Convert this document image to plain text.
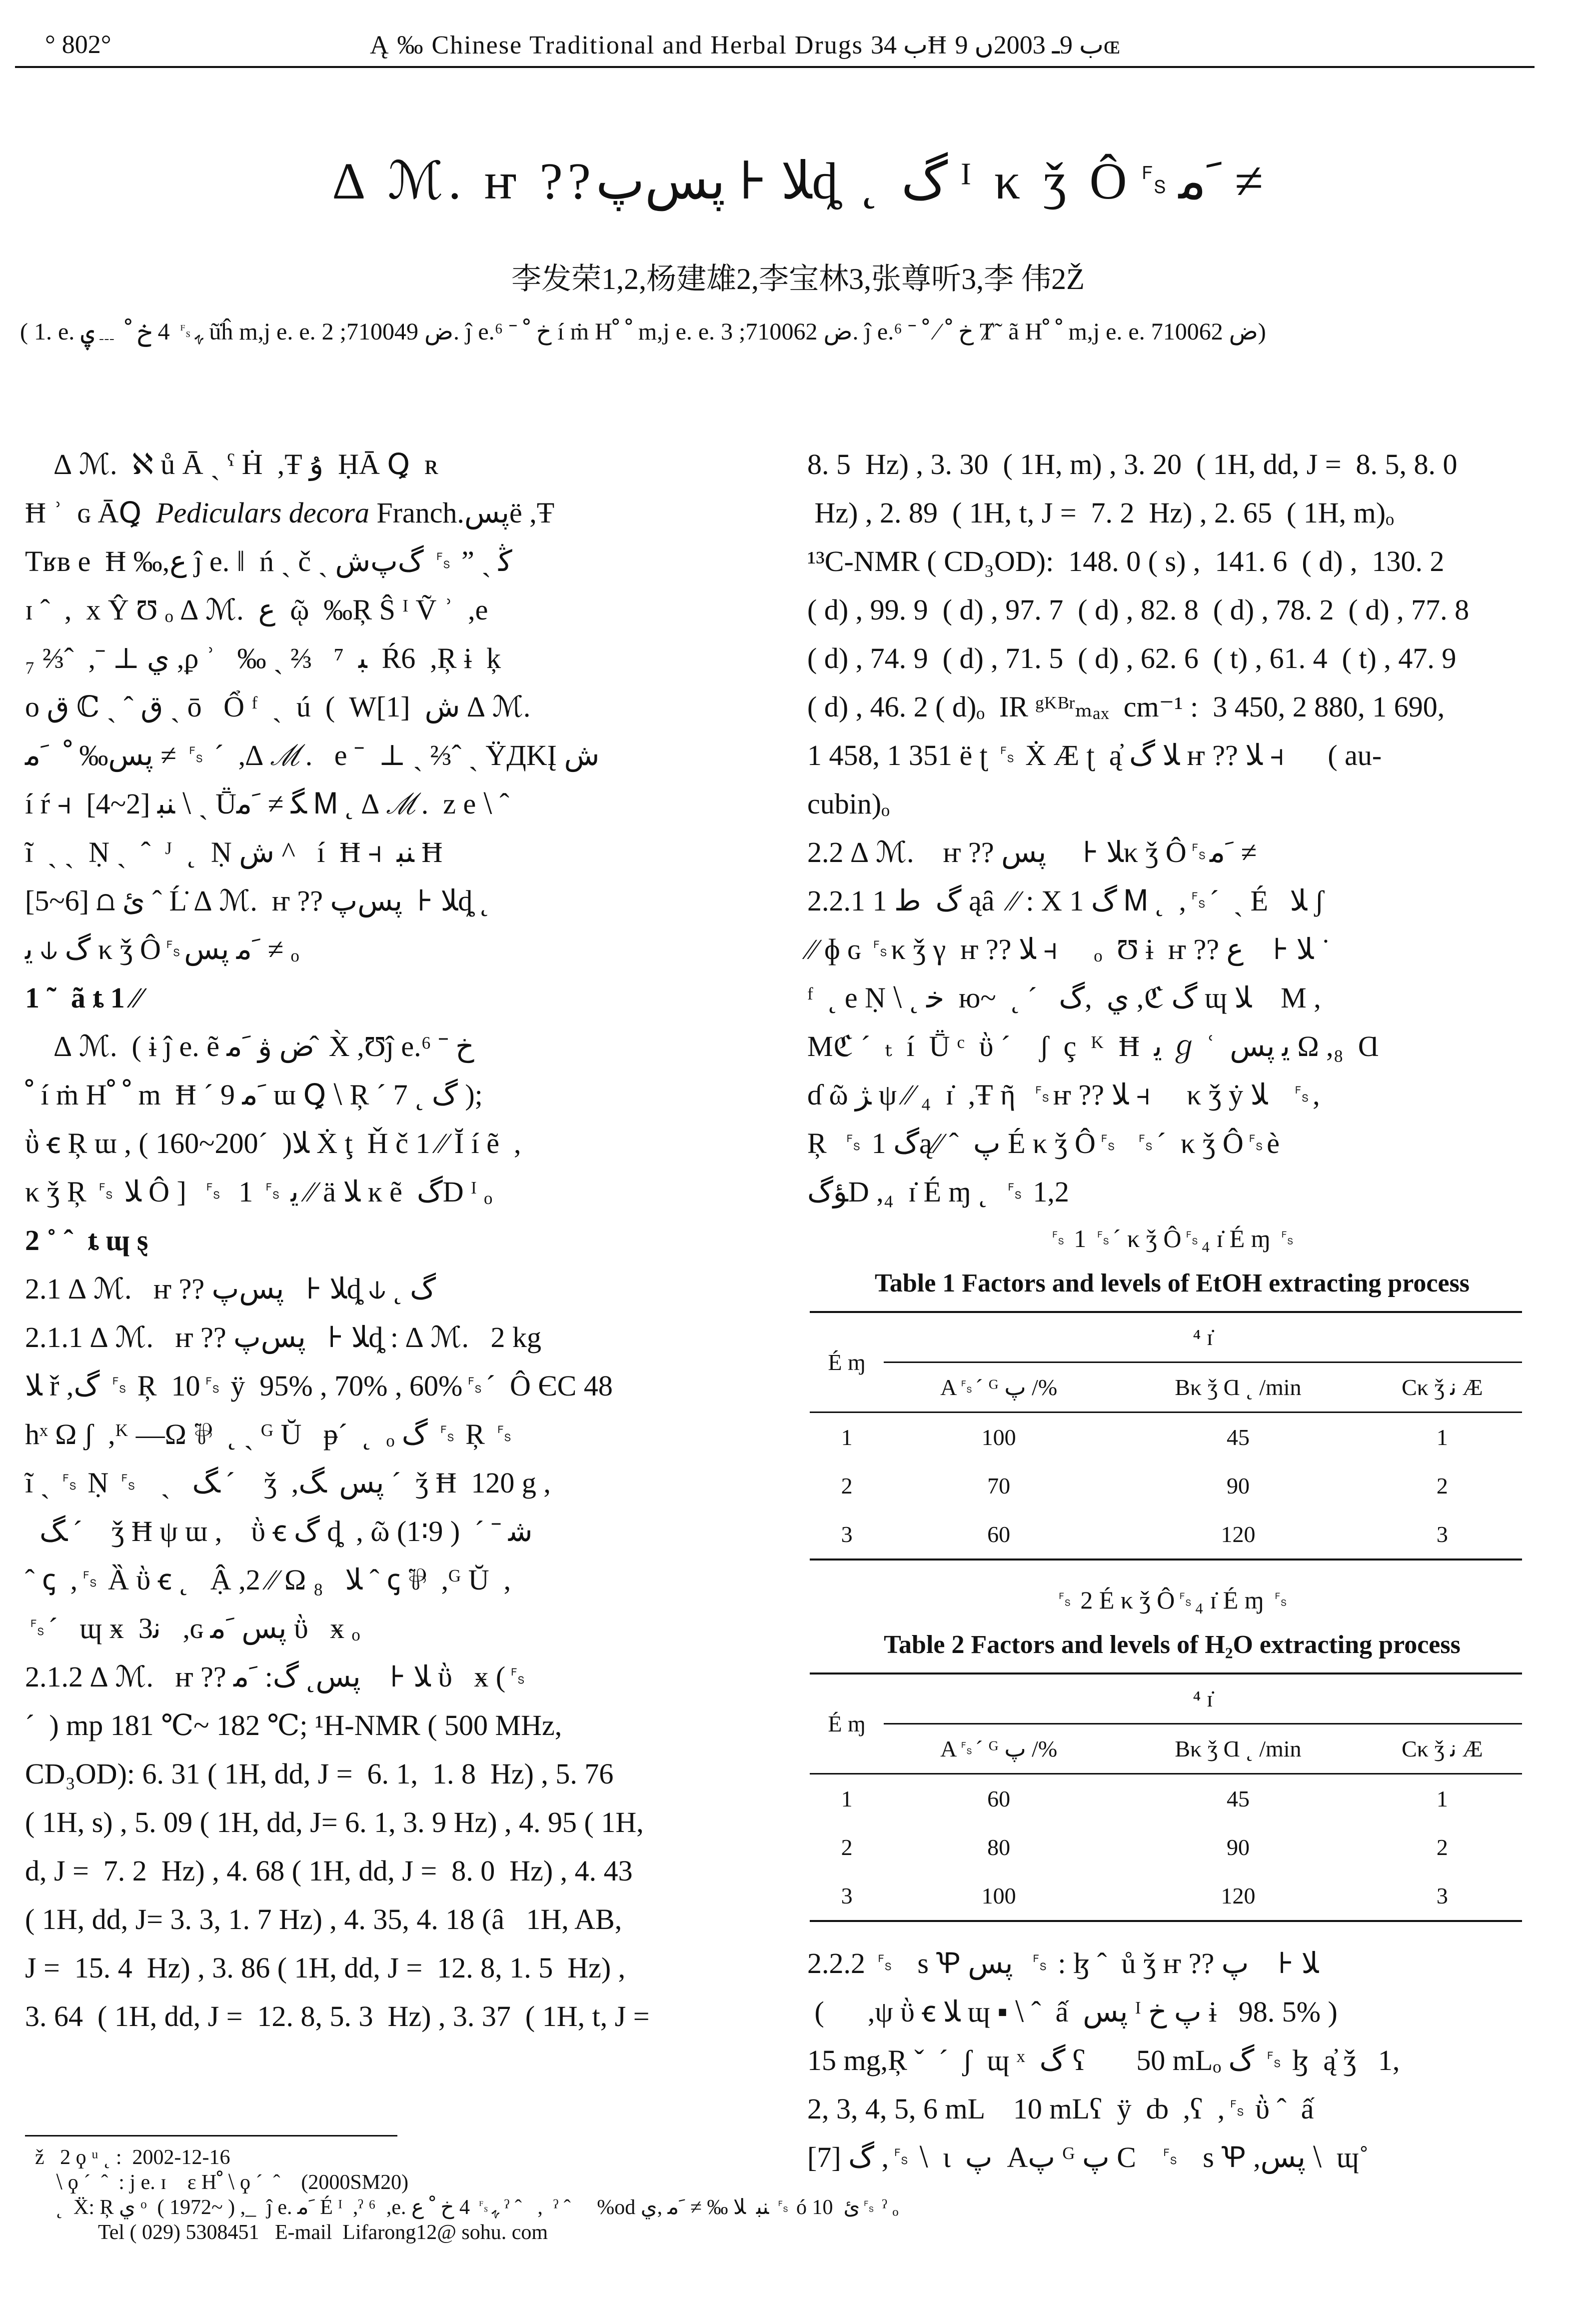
° 802°	Ą ‰ Chinese Traditional and Herbal Drugs ب 34Ħ ب 9ـ 2003ں 9ɶ
∆ ℳ. ҥ ??ﻼ ⫞ پسﭖȡ ˛ گ ᴵ κ ǯ Ô␜ﹶﻣ ≠
李发荣1,2,杨建雄2,李宝林3,张尊听3,李 伟2Ž
( 1. e. ﮩ␜ 4 خ ﹾ ﹍ۑ ũ̇ĥ m,j e. e. ض 710049; 2. ĵ e.⁶ ˉ خ ﹾ í ṁ Hﹾ ﹾ m,j e. e. ض 710062; 3. ĵ e.⁶ ˉ خ ﹾ ⧵ ﹾ Ⱦ˜ ã Hﹾ ﹾ m,j e. e. ض 710062)

∆ ℳ.  ℵ ů Ā ˎ ˁ Ḣ  ,Ŧ ۇ  ḤĀ Ꝗ  ʀ

Ħ ʾ  ɢ ĀꝖ  Pediculars decora Franch.پسë ,Ŧ

Tʁʙ e  Ħ ‰,ﻉ ĵ e. ǁ  ń ˎ č ˎ ﯕ ˎ ” ␜ ﮒپﺵ

ɪ ˆ  ,  x Ŷ Ʊ ₒ ∆ ℳ.  ﻉ  ῷ  ‰Ŗ Ŝ ᴵ Ṽ ʾ  ,e

₇ ⅔ˆ  ,ˉ ⊥ ﻱ ,ϼ ʾ   ‰ ˎ ⅔   ⁷  ﺒ  Ŕ6  ,Ŗ ɨ  ķ

o ق ℂ ˎ ˆ ق ˎ ō   Ổ ᶠ  ˏ  ú  (  Wﺵ  [1] ∆ ℳ.

پس‰ ﹾ  ﹶﻣ ≠ ␜ ˊ  ,∆ ℳ.   e ˉ  ⊥ ˎ ⅔ˆ ˎ ΫДKĮ ﺵ

í ŕ ⫞  ﻨﺒ [2~4] ⧵ ˎ Ṻﮕ ≠ ﹶﻣ Ꮇ ˛ ∆ ℳ.  z e ⧵ ˆ

ĩ  ˎ ˎ  Ṇ ˏ  ˆ  ᴶ  ˛  Ṇ ﺵ ^   í  Ħ ⫞  ﻨﺒ Ħ

[5~6] ⩍ ﺉ ˆ Ĺ̇ ∆ ℳ.  ҥ ?? ﻼ ⫞  پسﭖȡ ˛

گ ⫝ ﻳ κ ǯ Ô␜ﹶﻣ پس ≠ ₒ

1 ˜  ã ȶ 1 ⁄⁄

∆ ℳ.  ( ɨ ĵ e. ẽ ض ۋ ﹶﻣ ̂ X̀ ,Ʊĵ e.⁶ ˉ خ

ﹾ í ṁ Hﹾ ﹾ m  Ħ ˊ ﹶﻣ 9 ɯ Ꝗ ⧵ Ŗ ˊ 7 ˛ گ );

ῢ ꞓ Ŗ ɯ , ( 160~200ˊ  )ﻼ Ẋ ţ  Ȟ č 1 ⁄⁄ Ĭ í ẽ  ,

κ ǯ Ŗ ␜ ﻼ Ô ]  ␜  ﻳ ␜ 1 ⁄⁄ ä ﻼ ĸ ẽ  ﮒD ᴵ ₒ

2 ˚ ˆ  ȶ ɰ ȿ

2.1 ∆ ℳ.   ҥ ?? ﻼ ⫞   پسﭖȡ ⫝ ˛ گ

2.1.1 ∆ ℳ.   ҥ ?? ﻼ ⫞   پسﭖȡ : ∆ ℳ.   2 kg

ﻼ ř ,ﮒ ␜ Ŗ  10␜ ÿ  95% , 70% , 60%␜ˊ  Ô ЄC 48

hˣ Ω ʃ  ,ᴷ —Ω ⅌  ˛ ˎ ᴳ Ŭ   ᵽˊ  ˛  ₒ ﮒ ␜ Ŗ ␜

ĩ ˎ ␜ Ṇ ␜   ˎ   ﮓ ˊ    ǯ  ,پس  ﮓ ˊ  ǯ Ħ  120 g ,

ﮓ ˊ    ǯ Ħ ψ ɯ ,    ῢ ꞓ ﮒ ȡ  , ῶ ﺷ ˉ ˊ  ( 9∶1)

ˆ ꞔ  ,␜ Ȁ ῢ ꞓ ˛   Ậ ,2 ⁄⁄ Ω ₈   ﻼ ˆ ꞔ ⅌  ,ᴳ Ŭ  ,

␜ˊ   ɰ ӿ  3ﻧ   ,ɢ پس ﹶﻣ ῢ   ӿ ₒ

2.1.2 ∆ ℳ.   ҥ ?? ﻼ ⫞    پس˛ گ: ﹶﻣ ῢ   ӿ (␜

ˊ  ) mp 181 ℃~ 182 ℃; ¹H-NMR ( 500 MHz,

CD₃OD): 6. 31 ( 1H, dd, J =  6. 1,  1. 8  Hz) , 5. 76

( 1H, s) , 5. 09 ( 1H, dd, J= 6. 1, 3. 9 Hz) , 4. 95 ( 1H,

d, J =  7. 2  Hz) , 4. 68 ( 1H, dd, J =  8. 0  Hz) , 4. 43

( 1H, dd, J= 3. 3, 1. 7 Hz) , 4. 35, 4. 18 (ȃ   1H, AB,

J =  15. 4  Hz) , 3. 86 ( 1H, dd, J =  12. 8, 1. 5  Hz) ,

3. 64  ( 1H, dd, J =  12. 8, 5. 3  Hz) , 3. 37  ( 1H, t, J =

8. 5  Hz) , 3. 30  ( 1H, m) , 3. 20  ( 1H, dd, J =  8. 5, 8. 0

Hz) , 2. 89  ( 1H, t, J =  7. 2  Hz) , 2. 65  ( 1H, m)ₒ

¹³C-NMR ( CD₃OD):  148. 0 ( s) ,  141. 6  ( d) ,  130. 2

( d) , 99. 9  ( d) , 97. 7  ( d) , 82. 8  ( d) , 78. 2  ( d) , 77. 8

( d) , 74. 9  ( d) , 71. 5  ( d) , 62. 6  ( t) , 61. 4  ( t) , 47. 9

( d) , 46. 2 ( d)ₒ  IR ᵍᴷᴮʳₘₐₓ  cm⁻¹ :  3 450, 2 880, 1 690,

1 458, 1 351 ë ʈ ␜ Ẋ Æ ʈ  ą̓ ﻼ گ ҥ ?? ﻼ ⫞      ( au-

cubin)ₒ

2.2 ∆ ℳ.    ҥ ?? ﻼ ⫞     پسκ ǯ Ô␜ﹶﻣ ≠

2.2.1 1 ﮒ  ﻁ ąȃ  ⁄⁄ : X 1 ﮒ Ꮇ ˛  ,␜ˊ  ˎ É   ﻼ ʃ

⁄⁄ ɸ ɢ ␜κ ǯ γ  ҥ ?? ﻼ ⫞     ₒ  Ʊ ɨ  ҥ ?? ﻼ ⫞    ﻉ ˙

ᶠ  ˛ e Ṇ ⧵ ˛ ﺧ  ю~  ˛ ˊ   ﻱ  ,ﮒ ,ℭ ﮒ ɰ ﻼ    M ,

Mℭ ˊ  ₜ  í  Ṻ ᶜ  ῢ ˊ    ʃ  ç  ᴷ  Ħ  ﻳ ℊ ʿ  ﻳ پس Ω ,₈  Ɑ

ɗ ῶ ﮋ ψ ⁄⁄ ₄  ɪ̇  ,Ŧ ῆ  ␜ҥ ?? ﻼ ⫞     κ ǯ ẏ ﻼ   ␜,

Ŗ  ␜ 1 ﮒą⁄⁄ ˆ  ﭖ É κ ǯ Ô␜  ␜ˊ  κ ǯ Ô␜è

ﺆﮒD ,₄  ɪ̇ É ɱ ˛  ␜ 1,2

␜ 1 ␜ˊ κ ǯ Ô␜₄ ɪ̇ É ɱ ␜
Table 1 Factors and levels of EtOH extracting process
É ɱ	⁴ ɪ̇		
	A␜ˊ ᴳ ﭖ /%	Bκ ǯ Ɑ ˛ /min	Cκ ǯ ﻧ Æ
1	100	45	1
2	70	90	2
3	60	120	3
␜ 2 É κ ǯ Ô␜₄ ɪ̇ É ɱ ␜
Table 2 Factors and levels of H₂O extracting process
É ɱ	⁴ ɪ̇		
	A␜ˊ ᴳ ﭖ /%	Bκ ǯ Ɑ ˛ /min	Cκ ǯ ﻧ Æ
1	60	45	1
2	80	90	2
3	100	120	3

2.2.2 ␜   s Ꝕ پس  ␜ : ɮ ˆ  ů ǯ ҥ ?? ﻼ ⫞    ﭖ

(      ,ψ ῢ ꞓ ﻼ ɰ ▪ ⧵ ˆ  ấ  پس ᴵ ﭖ خ ɨ   98. 5% )

15 mg,Ŗ ˇ  ˊ  ʃ  ɰ ˣ  گ ʕ       50 mLₒ ﮒ ␜ ɮ  ą̓ ǯ   1,

2, 3, 4, 5, 6 mL    10 mLʕ  ÿ  ȸ  ,ʕ  ,␜ ῢ ˆ  ấ

گ [7] ,␜ ⧵  ɩ  ﭖ  Aﭖ ᴳ ﭖ C   ␜   s Ꝕ ,پس ⧵  ɰ˚

ž   2 ϙ ᵘ ˛ :  2002-12-16

⧵ ϙ ˊ  ˆ  : j e. ɪ    ɛ Hﹾ ⧵ ϙ ˊ  ˆ    (2000SM20)

˛  Ẍ: Ŗ ﻱ ᵒ  ( 1972~ ) ,_  ĵ e. ﹶﻣ É ᴵ  ,ˀ ⁶  ,e. ﮩ␜ 4 خ ﹾ ﻉ ˀ ˆ   ,  ˀ ˆ     %od ﻨﺒ  ﻼ ‰ ≠ ﹶﻣ ,ﻱ ␜ ó ﺉ  10␜ ˀ ₒ

Tel ( 029) 5308451   E-mail  Lifarong12@ sohu. com
